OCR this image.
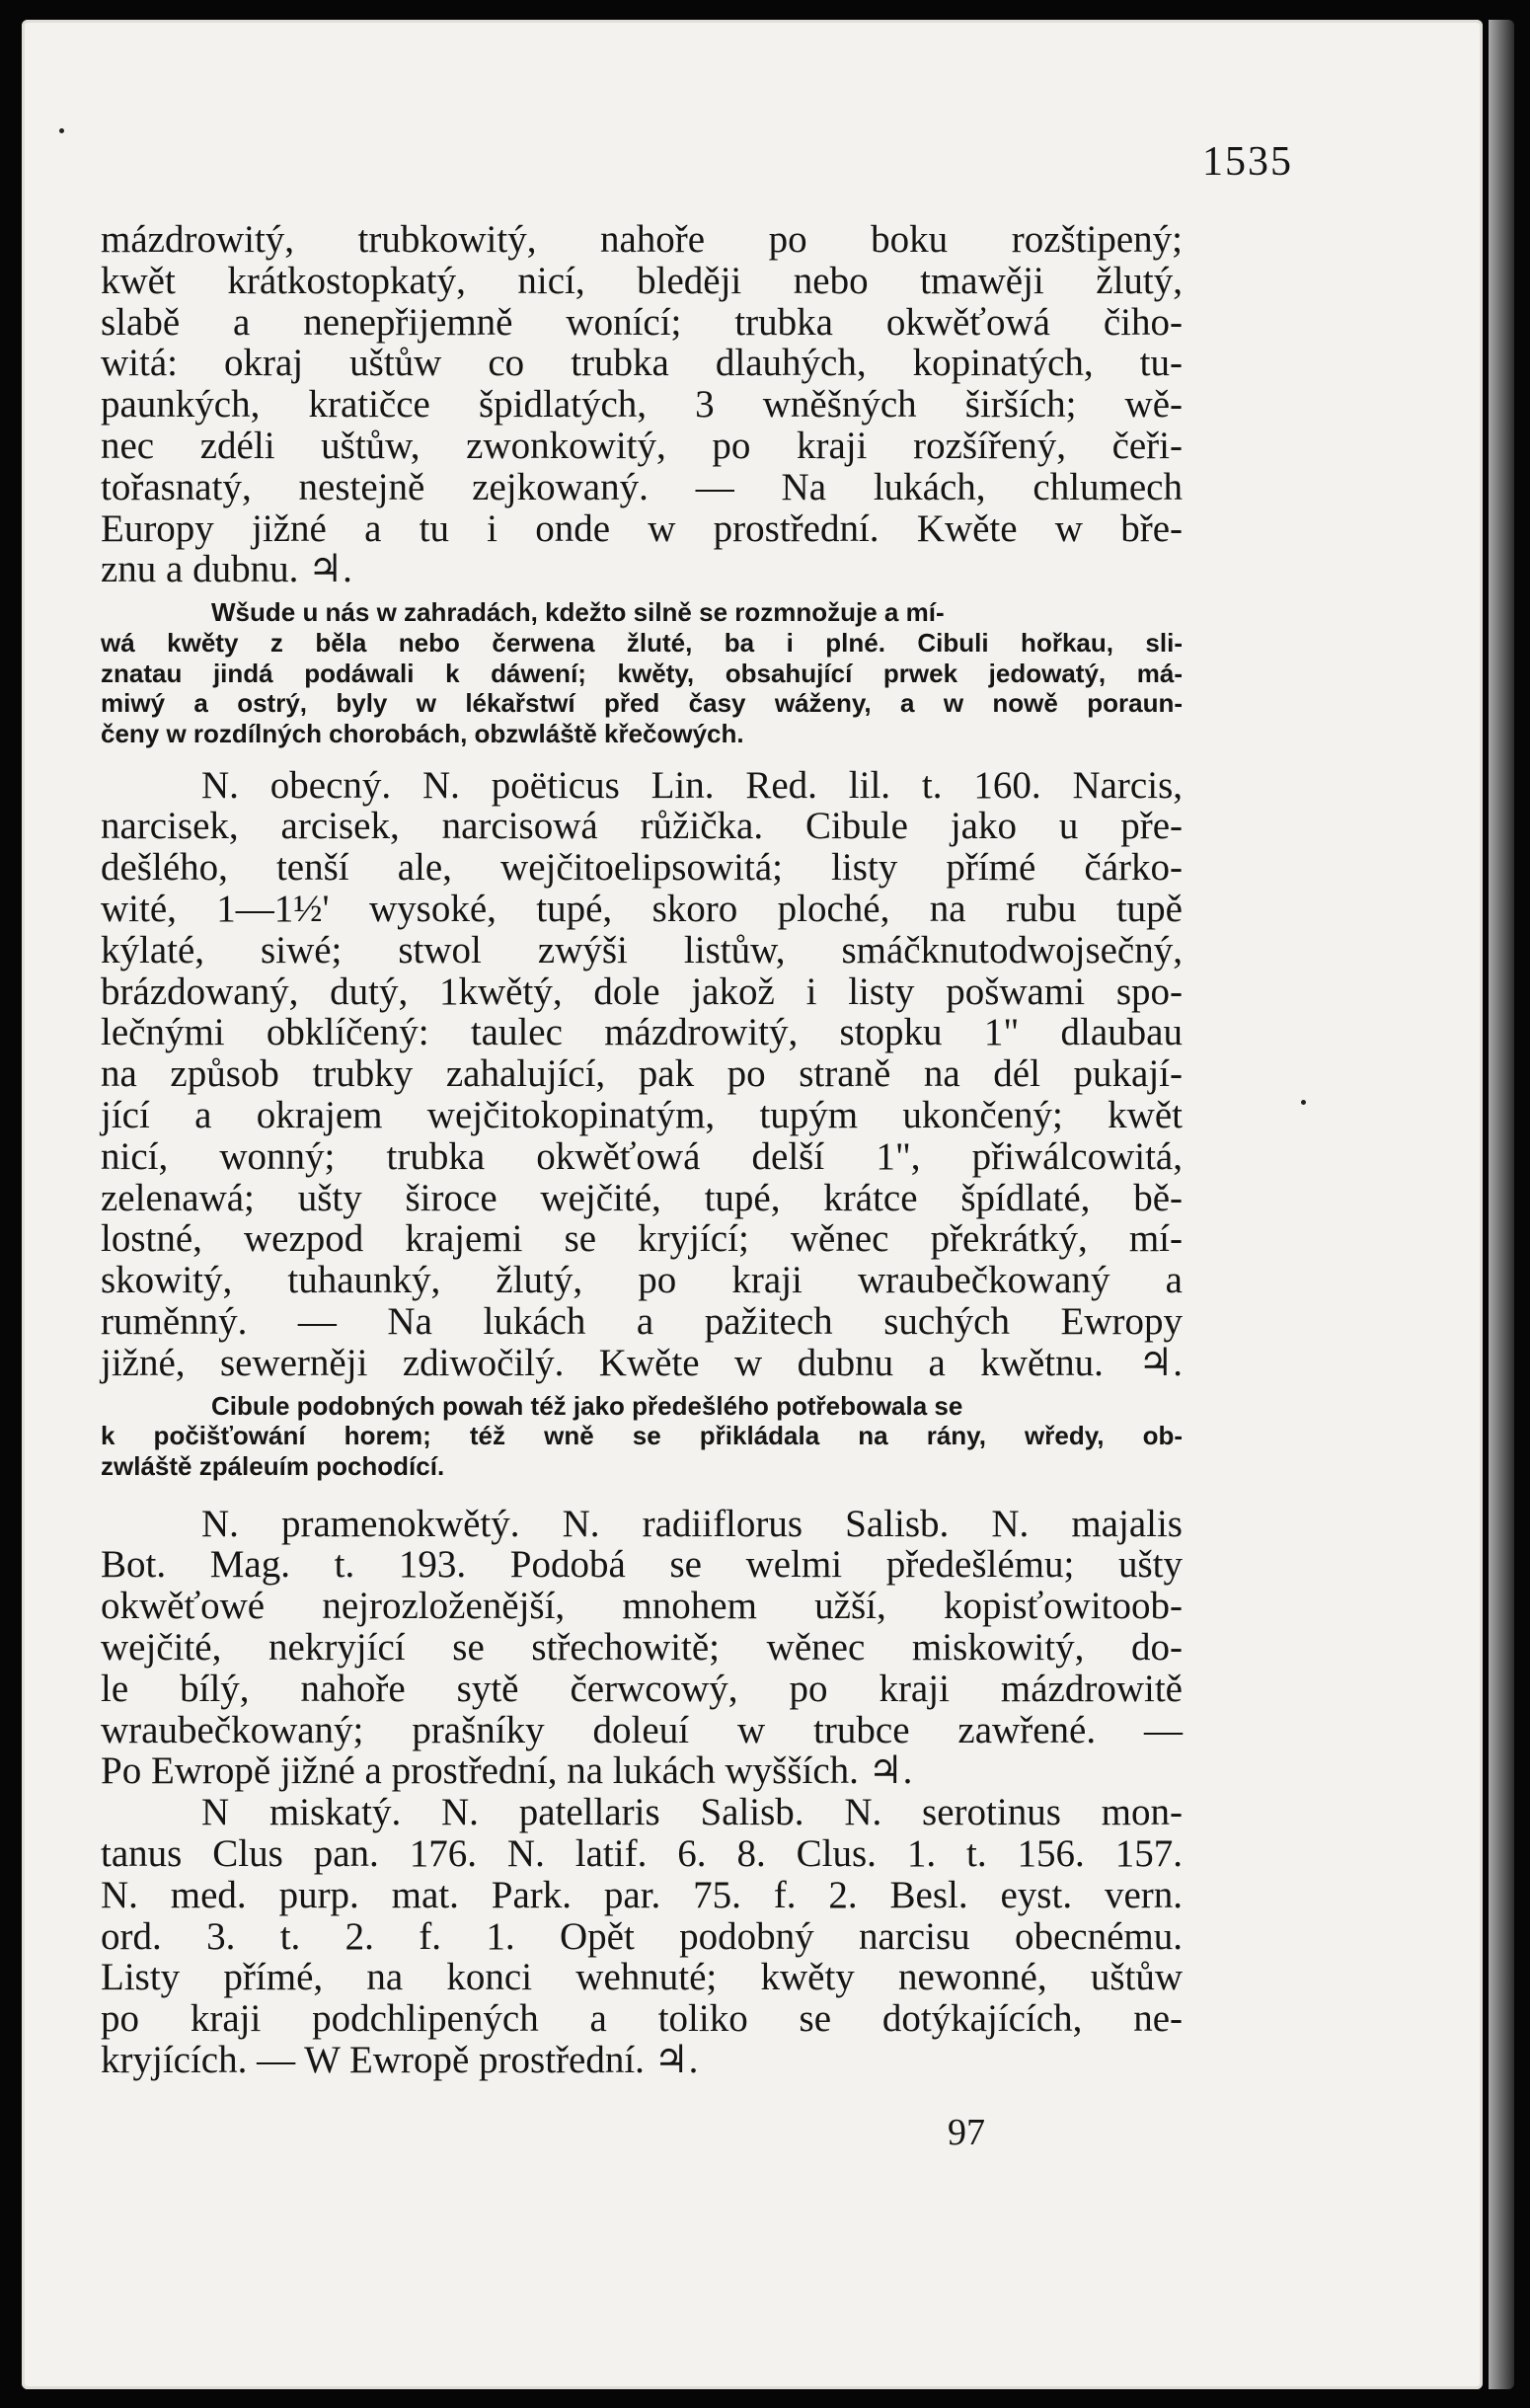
1535
mázdrowitý, trubkowitý, nahoře po boku rozštipený;
kwět krátkostopkatý, nicí, bleději nebo tmawěji žlutý,
slabě a nenepřijemně wonící; trubka okwěťowá čiho-
witá: okraj uštůw co trubka dlauhých, kopinatých, tu-
paunkých, kratičce špidlatých, 3 wněšných širších; wě-
nec zdéli uštůw, zwonkowitý, po kraji rozšířený, čeři-
tořasnatý, nestejně zejkowaný. — Na lukách, chlumech
Europy jižné a tu i onde w prostřední. Kwěte w bře-
znu a dubnu. ♃.
Wšude u nás w zahradách, kdežto silně se rozmnožuje a mí-
wá kwěty z běla nebo čerwena žluté, ba i plné. Cibuli hořkau, sli-
znatau jindá podáwali k dáwení; kwěty, obsahující prwek jedowatý, má-
miwý a ostrý, byly w lékařstwí před časy wáženy, a w nowě poraun-
čeny w rozdílných chorobách, obzwláště křečowých.
N. obecný. N. poëticus Lin. Red. lil. t. 160. Narcis,
narcisek, arcisek, narcisowá růžička. Cibule jako u pře-
dešlého, tenší ale, wejčitoelipsowitá; listy přímé čárko-
wité, 1—1½' wysoké, tupé, skoro ploché, na rubu tupě
kýlaté, siwé; stwol zwýši listůw, smáčknutodwojsečný,
brázdowaný, dutý, 1kwětý, dole jakož i listy pošwami spo-
lečnými obklíčený: taulec mázdrowitý, stopku 1" dlaubau
na způsob trubky zahalující, pak po straně na dél pukají-
jící a okrajem wejčitokopinatým, tupým ukončený; kwět
nicí, wonný; trubka okwěťowá delší 1", přiwálcowitá,
zelenawá; ušty široce wejčité, tupé, krátce špídlaté, bě-
lostné, wezpod krajemi se kryjící; wěnec překrátký, mí-
skowitý, tuhaunký, žlutý, po kraji wraubečkowaný a
ruměnný. — Na lukách a pažitech suchých Ewropy
jižné, sewerněji zdiwočilý. Kwěte w dubnu a kwětnu. ♃.
Cibule podobných powah též jako předešlého potřebowala se
k počišťowání horem; též wně se přikládala na rány, wředy, ob-
zwláště zpáleuím pochodící.
N. pramenokwětý. N. radiiflorus Salisb. N. majalis
Bot. Mag. t. 193. Podobá se welmi předešlému; ušty
okwěťowé nejrozloženější, mnohem užší, kopisťowitoob-
wejčité, nekryjící se střechowitě; wěnec miskowitý, do-
le bílý, nahoře sytě čerwcowý, po kraji mázdrowitě
wraubečkowaný; prašníky doleuí w trubce zawřené. —
Po Ewropě jižné a prostřední, na lukách wyšších. ♃.
N miskatý. N. patellaris Salisb. N. serotinus mon-
tanus Clus pan. 176. N. latif. 6. 8. Clus. 1. t. 156. 157.
N. med. purp. mat. Park. par. 75. f. 2. Besl. eyst. vern.
ord. 3. t. 2. f. 1. Opět podobný narcisu obecnému.
Listy přímé, na konci wehnuté; kwěty newonné, uštůw
po kraji podchlipených a toliko se dotýkajících, ne-
kryjících. — W Ewropě prostřední. ♃.
97
